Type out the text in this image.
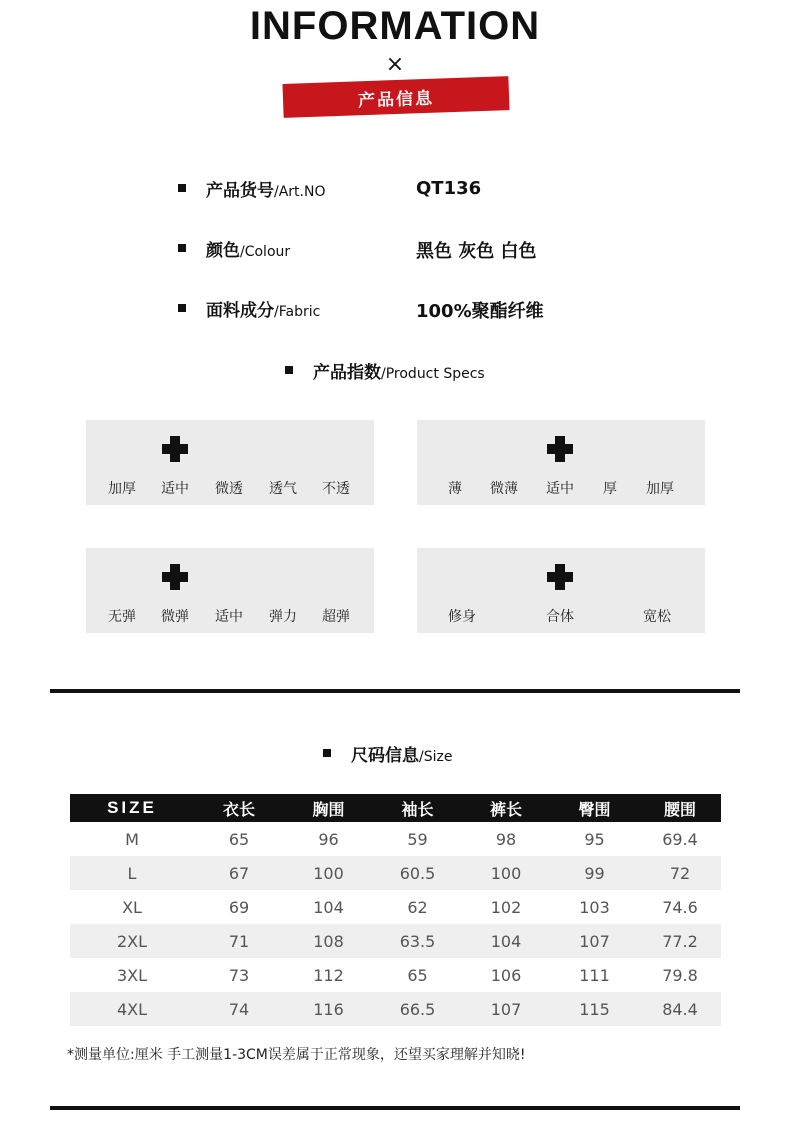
INFORMATION
×
产品信息
产品货号/Art.NO	QT136
颜色/Colour	黑色 灰色 白色
面料成分/Fabric	100%聚酯纤维
产品指数/Product Specs
加厚 适中 微透 透气 不透	薄 微薄 适中 厚 加厚
无弹 微弹 适中 弹力 超弹	修身	合体	宽松
尺码信息/Size
SIZE	衣长	胸围	袖长	裤长	臀围	腰围
M	65	96	59	98	95	69.4
L	67	100	60.5	100	99	72
XL	69	104	62	102	103	74.6
2XL	71	108	63.5	104	107	77.2
3XL	73	112	65	106	111	79.8
4XL	74	116	66.5	107	115	84.4
*测量单位:厘米 手工测量1-3CM误差属于正常现象，还望买家理解并知晓!
